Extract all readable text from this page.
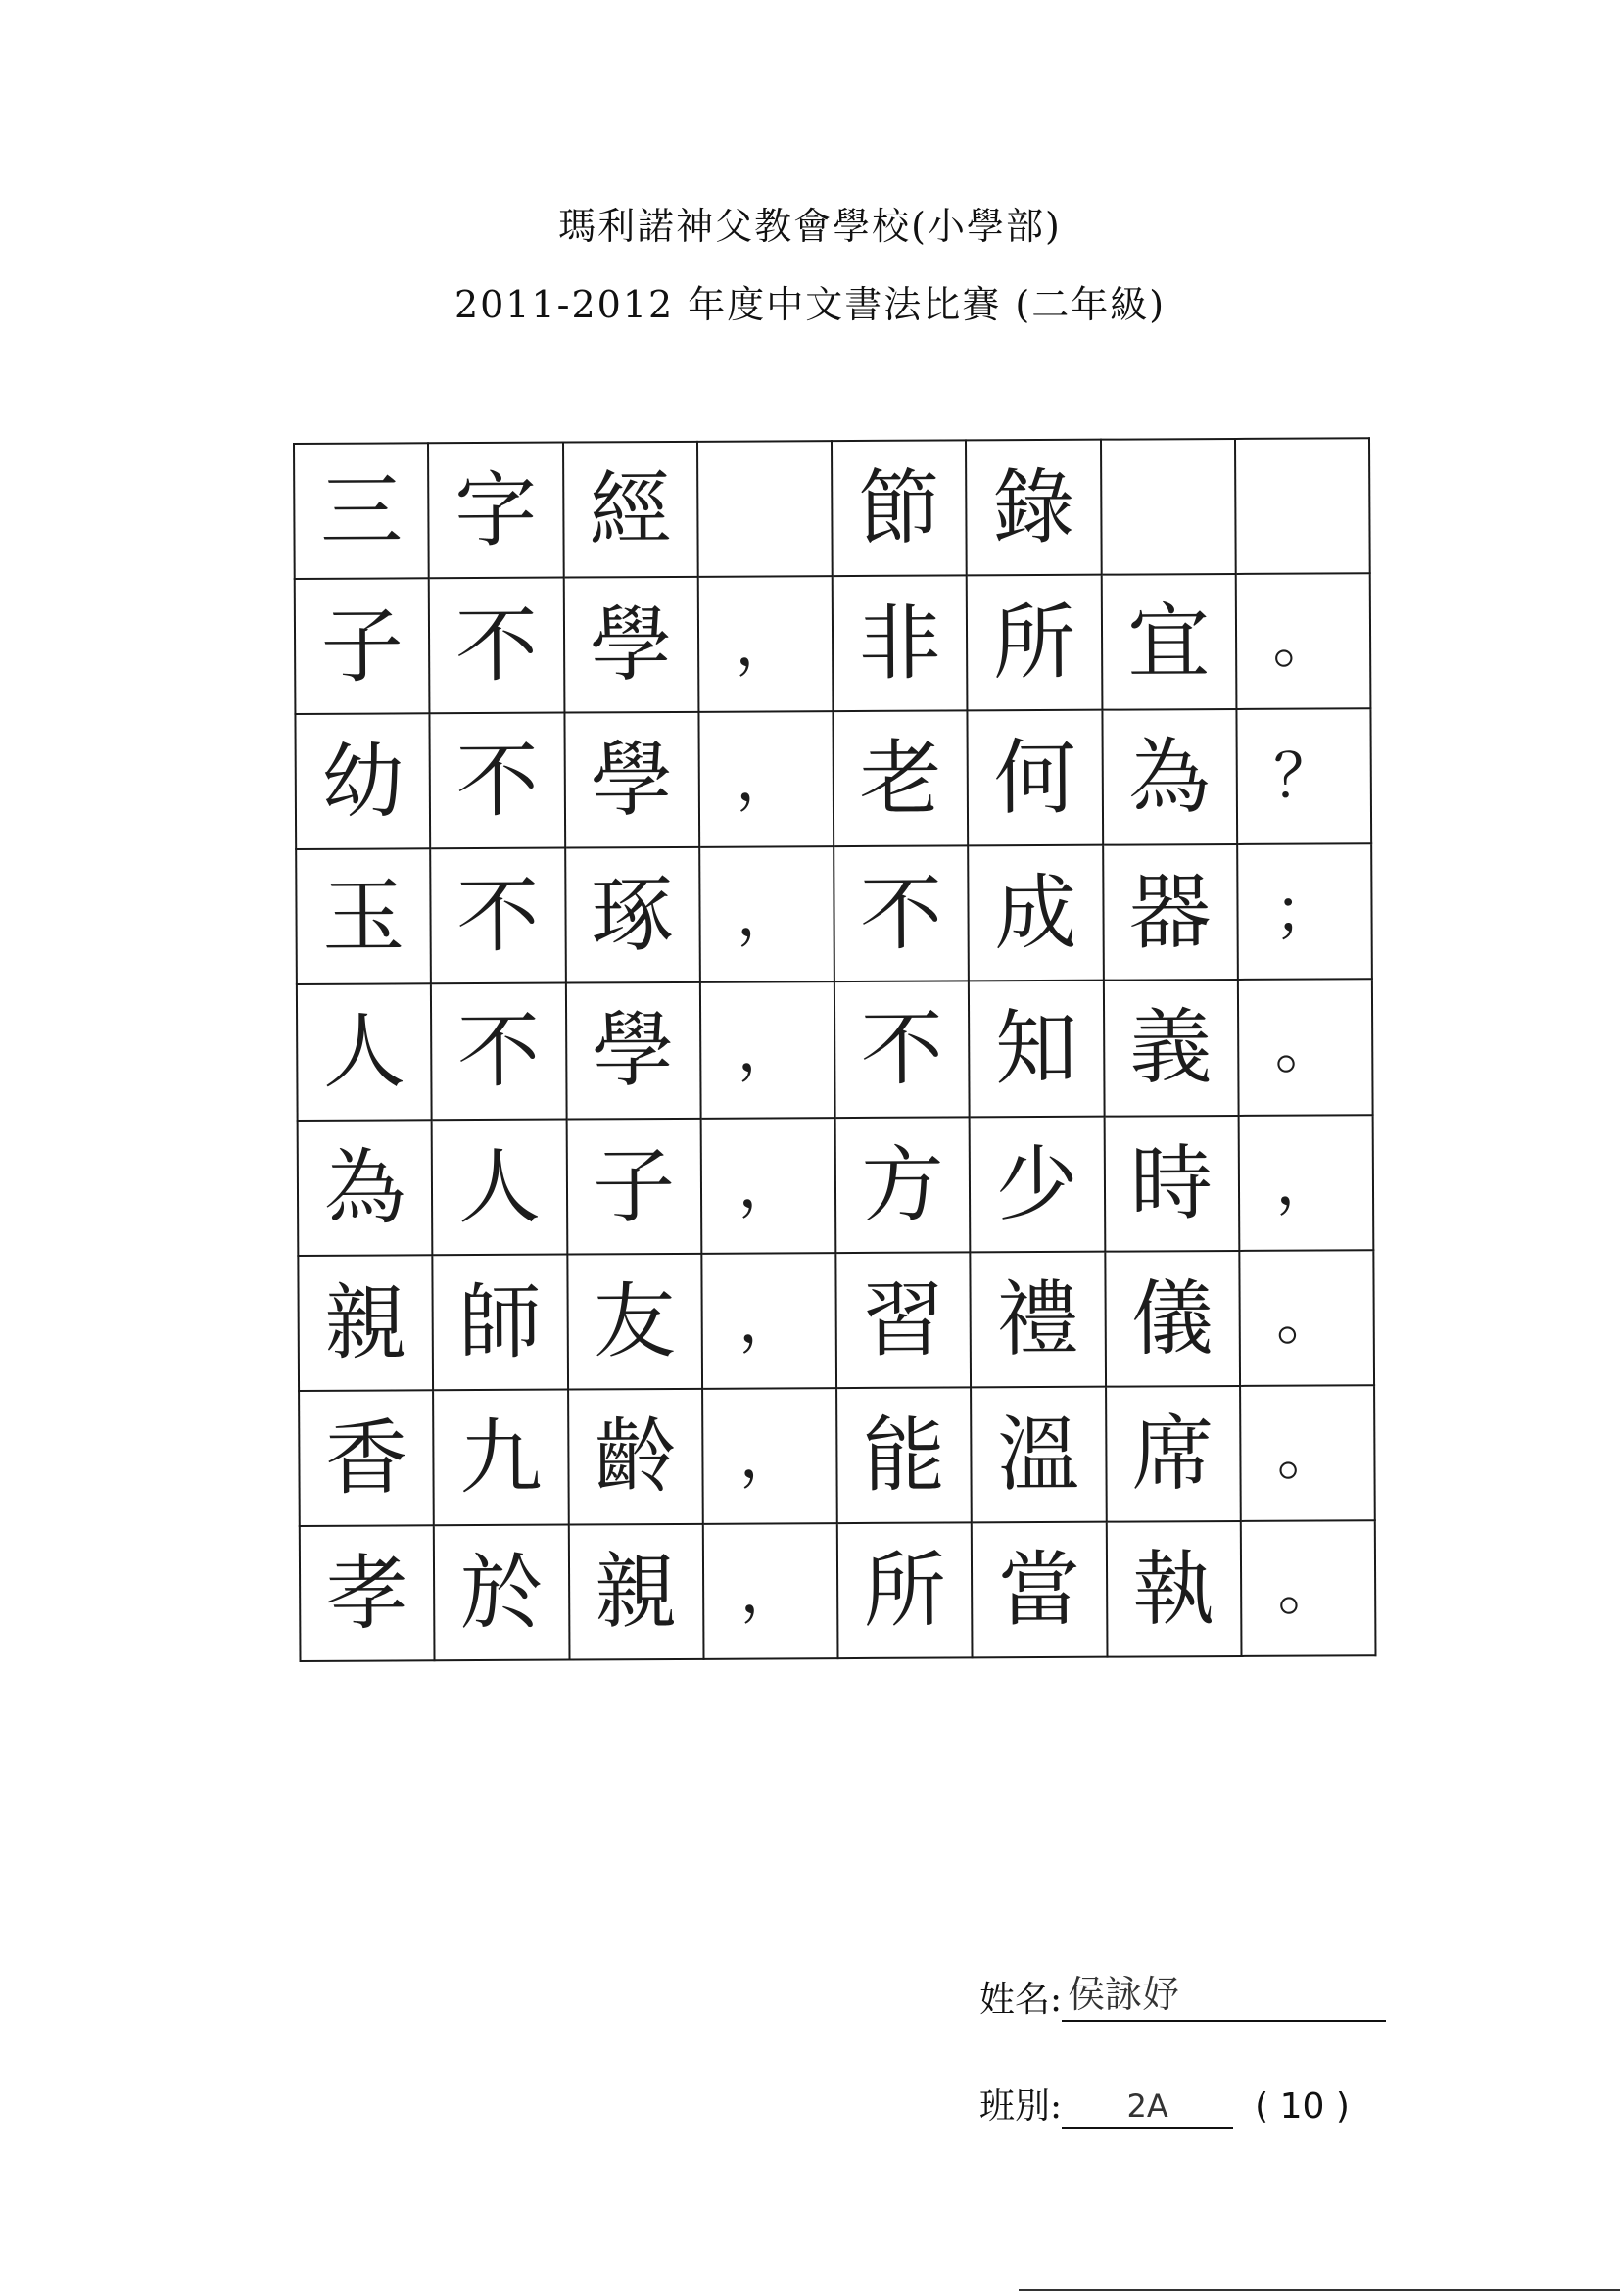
瑪利諾神父教會學校(小學部)
2011-2012 年度中文書法比賽 (二年級)
三	字	經		節	錄		
子	不	學	，	非	所	宜	。
幼	不	學	，	老	何	為	？
玉	不	琢	，	不	成	器	；
人	不	學	，	不	知	義	。
為	人	子	，	方	少	時	，
親	師	友	，	習	禮	儀	。
香	九	齡	，	能	溫	席	。
孝	於	親	，	所	當	執	。
姓名: 侯詠妤
班別: 2A ( 10 )
